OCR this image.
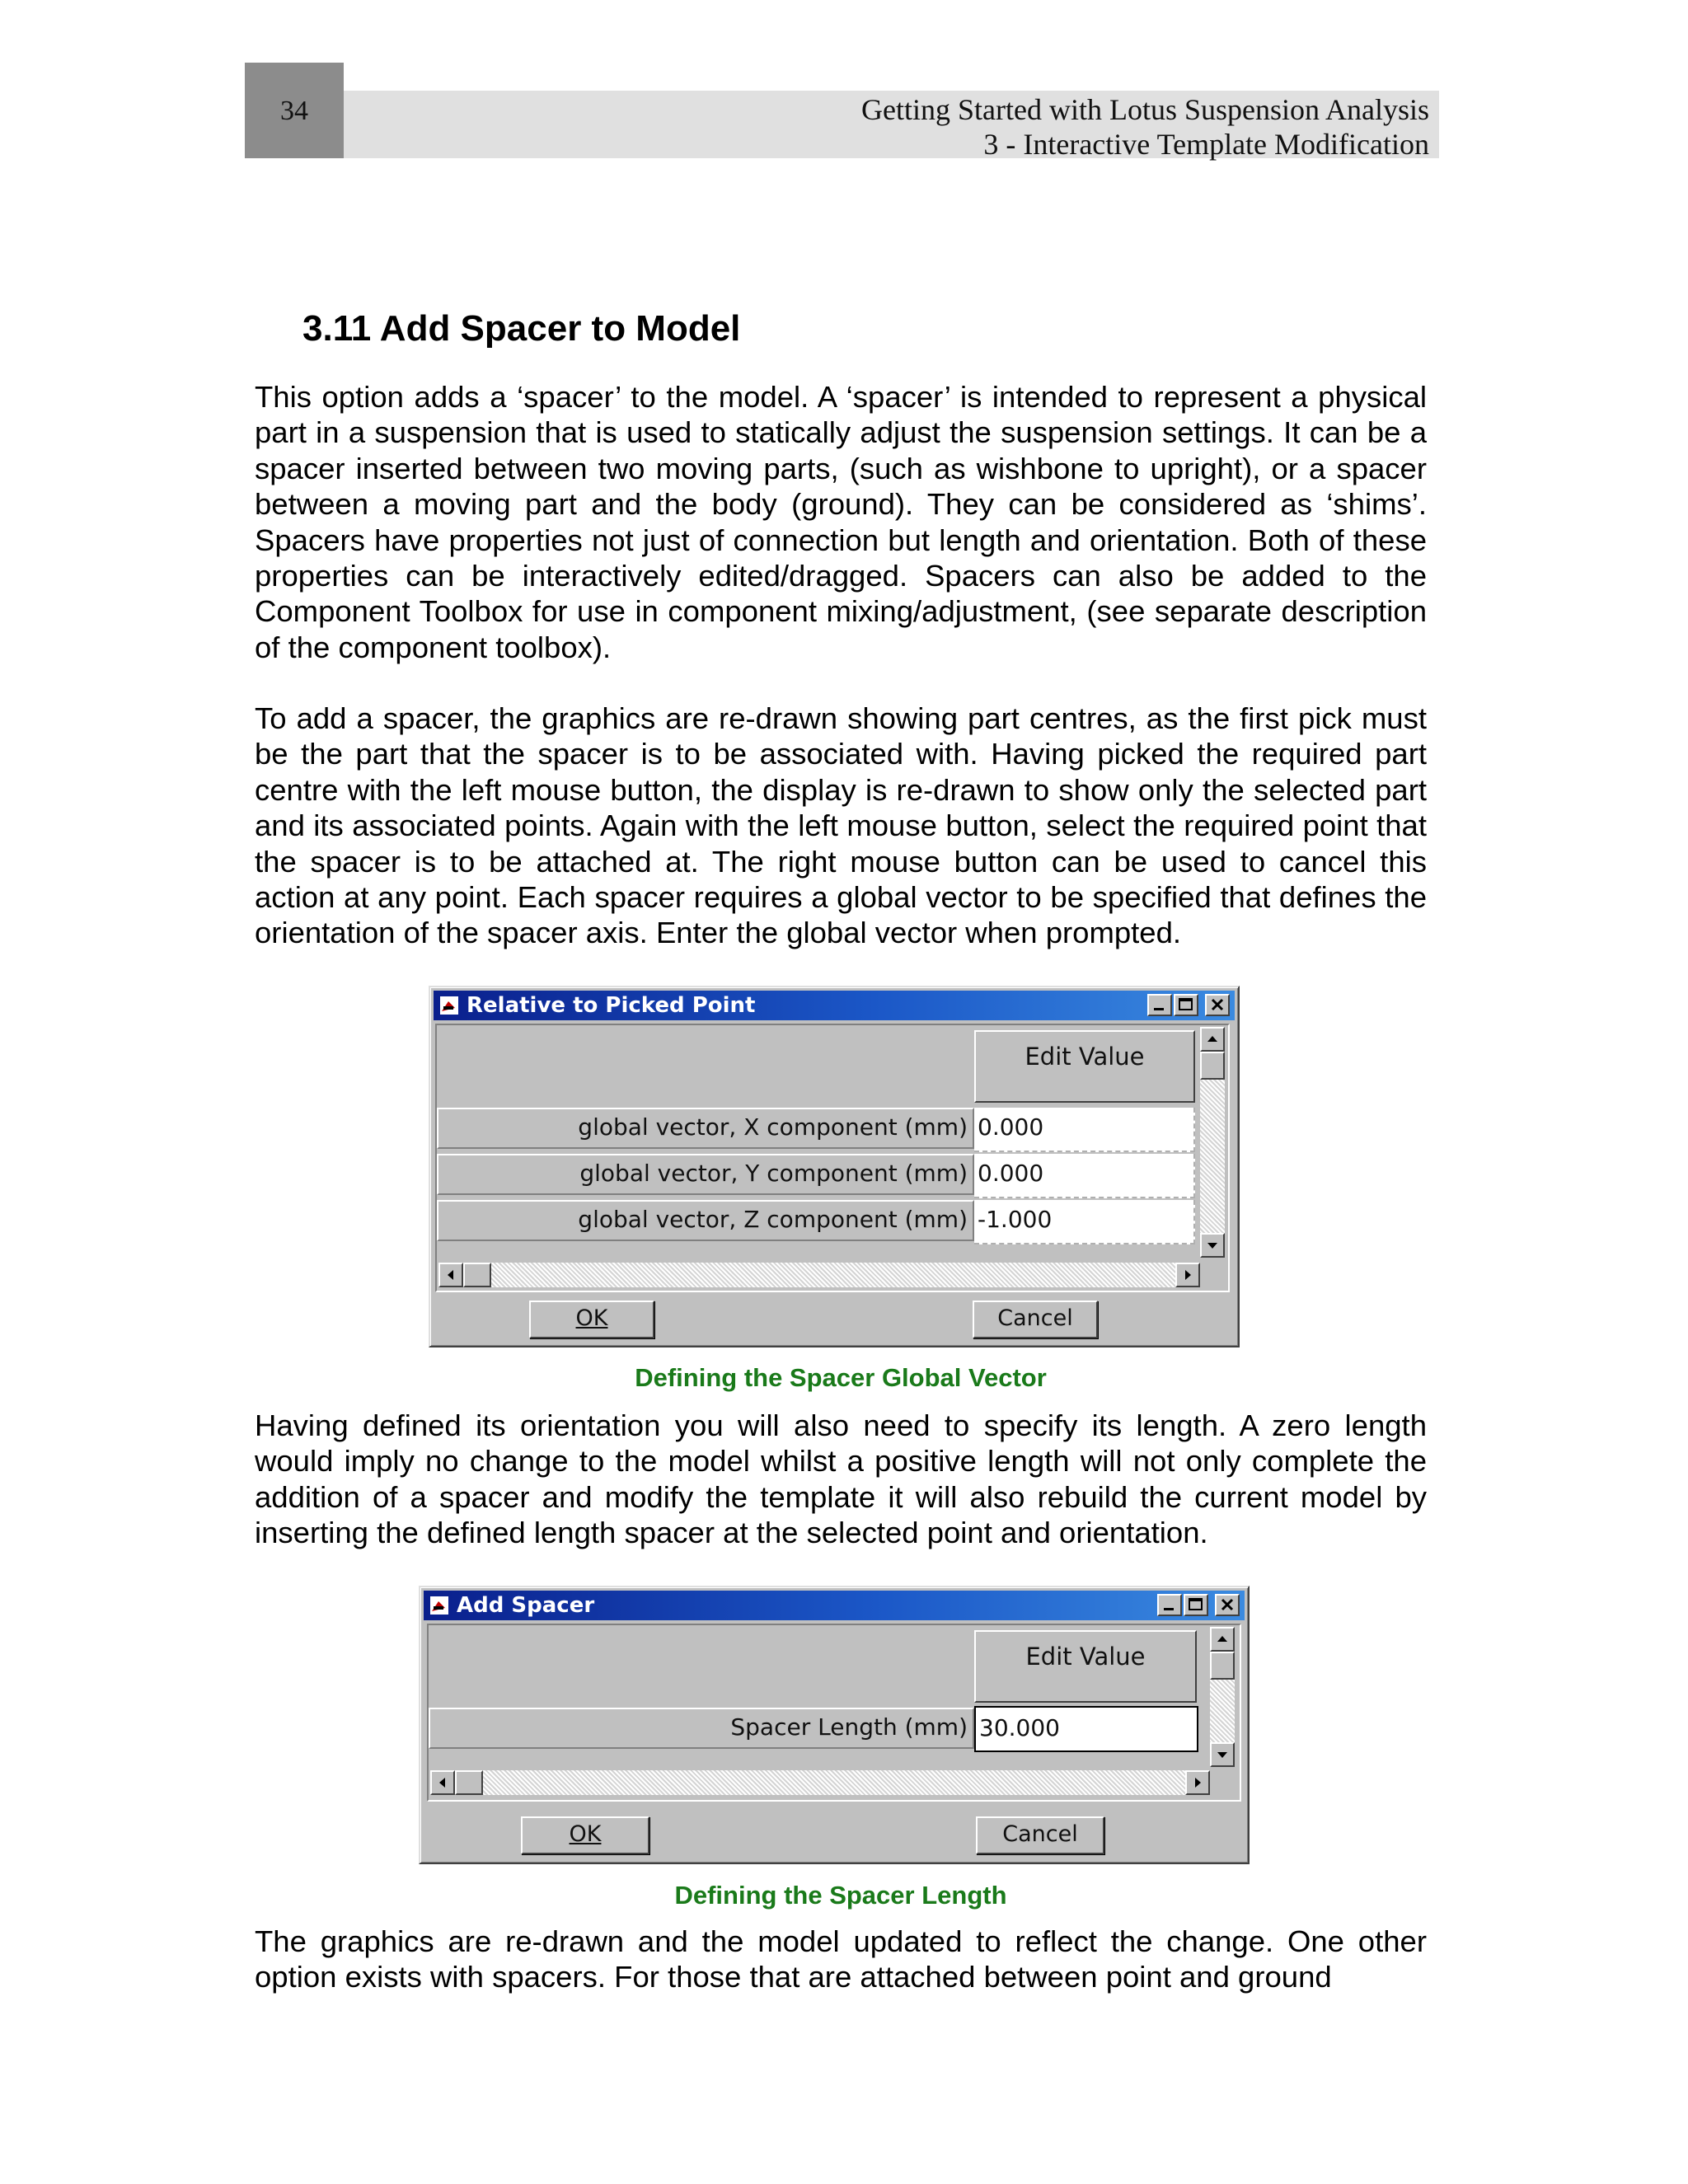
34	Getting Started with Lotus Suspension Analysis
3 - Interactive Template Modification
3.11 Add Spacer to Model

This option adds a ‘spacer’ to the model. A ‘spacer’ is intended to represent a physical part in a suspension that is used to statically adjust the suspension settings. It can be a spacer inserted between two moving parts, (such as wishbone to upright), or a spacer between a moving part and the body (ground). They can be considered as ‘shims’. Spacers have properties not just of connection but length and orientation. Both of these properties can be interactively edited/dragged. Spacers can also be added to the Component Toolbox for use in component mixing/adjustment, (see separate description of the component toolbox).

To add a spacer, the graphics are re-drawn showing part centres, as the first pick must be the part that the spacer is to be associated with. Having picked the required part centre with the left mouse button, the display is re-drawn to show only the selected part and its associated points. Again with the left mouse button, select the required point that the spacer is to be attached at. The right mouse button can be used to cancel this action at any point. Each spacer requires a global vector to be specified that defines the orientation of the spacer axis. Enter the global vector when prompted.

Relative to Picked Point
Edit Value
global vector, X component (mm) 0.000
global vector, Y component (mm) 0.000
global vector, Z component (mm) -1.000
OK	Cancel
Defining the Spacer Global Vector

Having defined its orientation you will also need to specify its length. A zero length would imply no change to the model whilst a positive length will not only complete the addition of a spacer and modify the template it will also rebuild the current model by inserting the defined length spacer at the selected point and orientation.

Add Spacer
Edit Value
Spacer Length (mm) 30.000
OK	Cancel
Defining the Spacer Length

The graphics are re-drawn and the model updated to reflect the change. One other option exists with spacers. For those that are attached between point and ground
